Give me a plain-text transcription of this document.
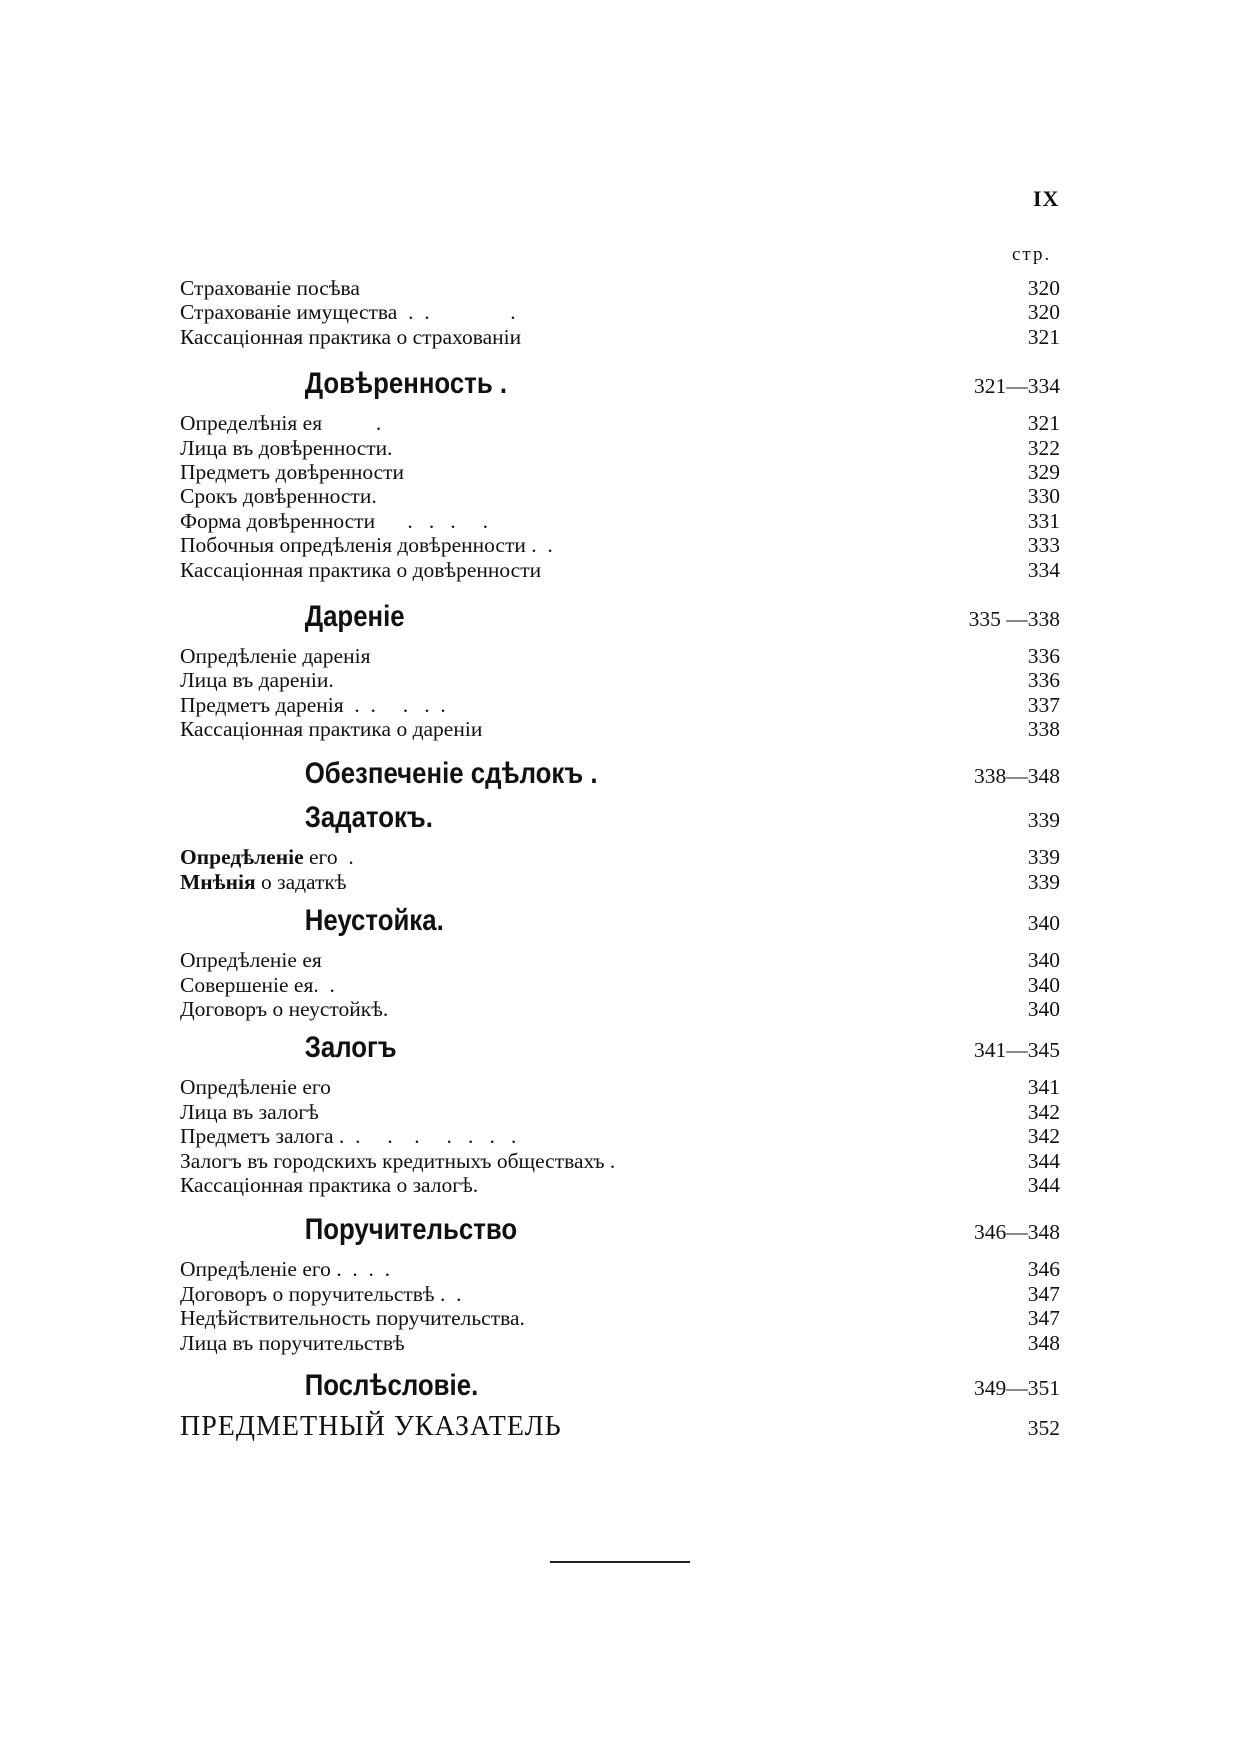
IX
стр.
Страхованіе посѣва	320
Страхованіе имущества  .  .               .	320
Кассаціонная практика о страхованіи	321
Довѣренность .	321—334
Определѣнія ея          .	321
Лица въ довѣренности.	322
Предметъ довѣренности	329
Срокъ довѣренности.	330
Форма довѣренности      .   .   .     .	331
Побочныя опредѣленія довѣренности .  .	333
Кассаціонная практика о довѣренности	334
Дареніе	335 —338
Опредѣленіе даренія	336
Лица въ дареніи.	336
Предметъ даренія  .  .     .   .  .	337
Кассаціонная практика о дареніи	338
Обезпеченіе сдѣлокъ .	338—348
Задатокъ.	339
Опредѣленіе его  .	339
Мнѣнія о задаткѣ	339
Неустойка.	340
Опредѣленіе ея	340
Совершеніе ея.  .	340
Договоръ о неустойкѣ.	340
Залогъ	341—345
Опредѣленіе его	341
Лица въ залогѣ	342
Предметъ залога .  .     .    .     .   .   .   .	342
Залогъ въ городскихъ кредитныхъ обществахъ .	344
Кассаціонная практика о залогѣ.	344
Поручительство	346—348
Опредѣленіе его .  .  .  .	346
Договоръ о поручительствѣ .  .	347
Недѣйствительность поручительства.	347
Лица въ поручительствѣ	348
Послѣсловіе.	349—351
ПРЕДМЕТНЫЙ УКАЗАТЕЛЬ	352
